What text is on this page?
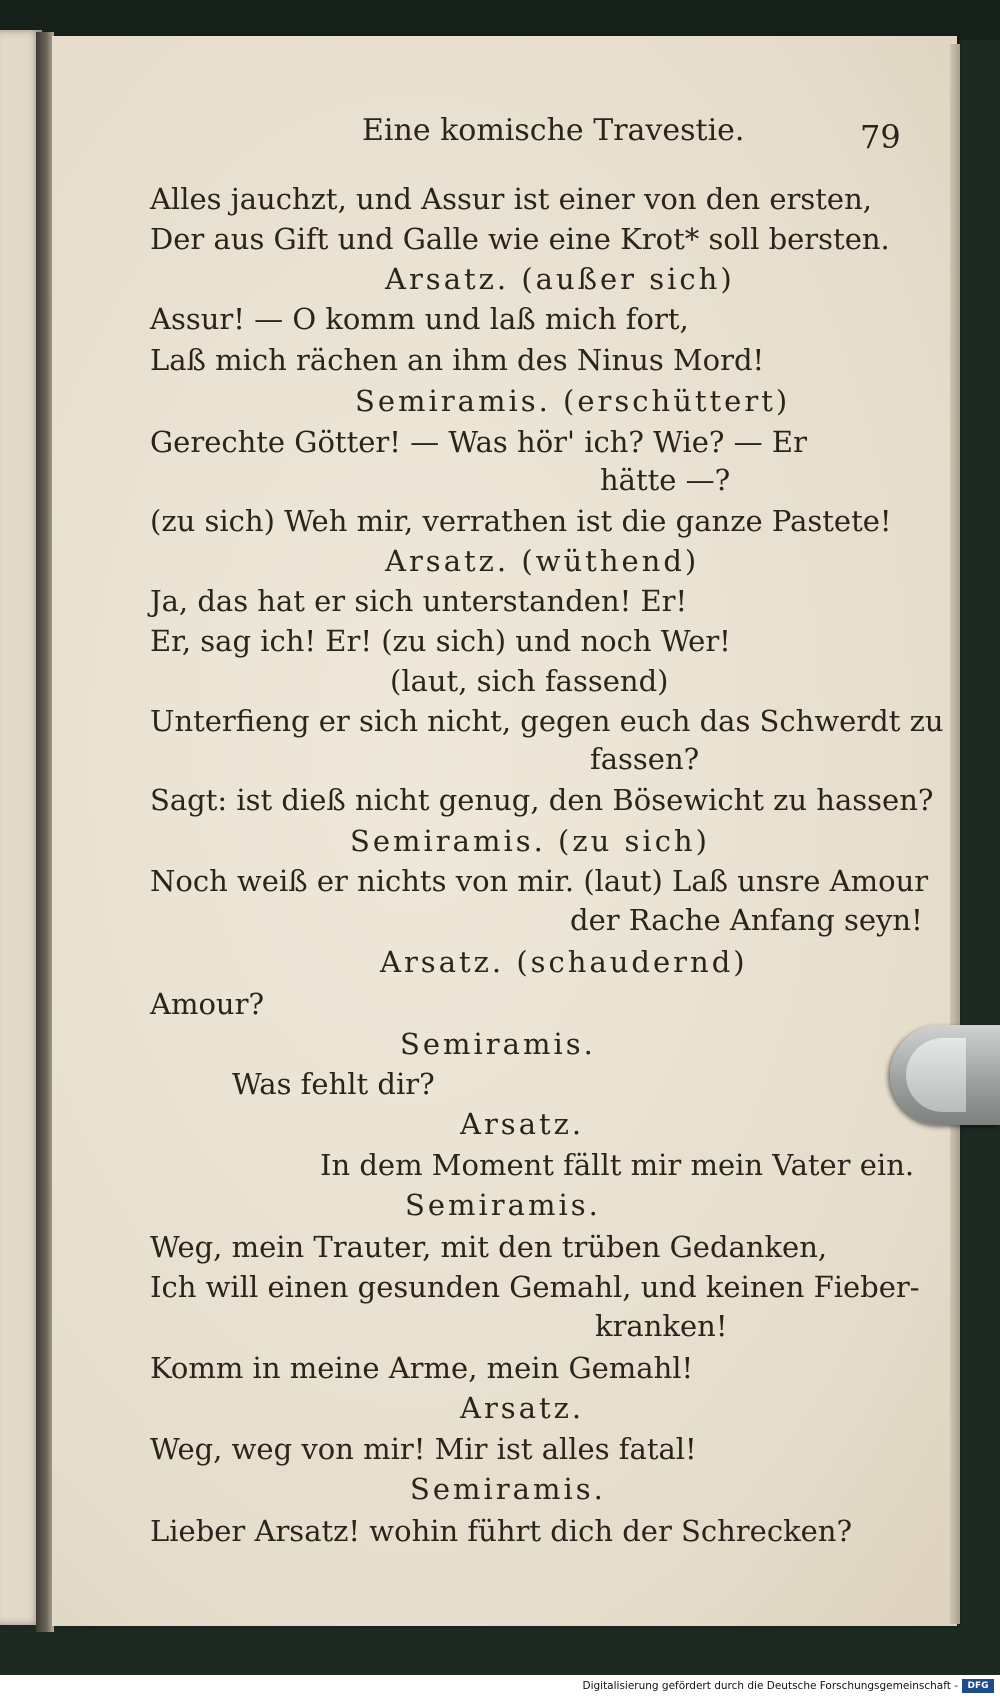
Eine komische Travestie.	79
Alles jauchzt, und Assur ist einer von den ersten,
Der aus Gift und Galle wie eine Krot* soll bersten.
Arsatz. (außer sich)
Assur! — O komm und laß mich fort,
Laß mich rächen an ihm des Ninus Mord!
Semiramis. (erschüttert)
Gerechte Götter! — Was hör' ich? Wie? — Er
hätte —?
(zu sich) Weh mir, verrathen ist die ganze Pastete!
Arsatz. (wüthend)
Ja, das hat er sich unterstanden! Er!
Er, sag ich! Er! (zu sich) und noch Wer!
(laut, sich fassend)
Unterfieng er sich nicht, gegen euch das Schwerdt zu
fassen?
Sagt: ist dieß nicht genug, den Bösewicht zu hassen?
Semiramis. (zu sich)
Noch weiß er nichts von mir. (laut) Laß unsre Amour
der Rache Anfang seyn!
Arsatz. (schaudernd)
Amour?
Semiramis.
Was fehlt dir?
Arsatz.
In dem Moment fällt mir mein Vater ein.
Semiramis.
Weg, mein Trauter, mit den trüben Gedanken,
Ich will einen gesunden Gemahl, und keinen Fieber-
kranken!
Komm in meine Arme, mein Gemahl!
Arsatz.
Weg, weg von mir! Mir ist alles fatal!
Semiramis.
Lieber Arsatz! wohin führt dich der Schrecken?
Digitalisierung gefördert durch die Deutsche Forschungsgemeinschaft -	DFG
